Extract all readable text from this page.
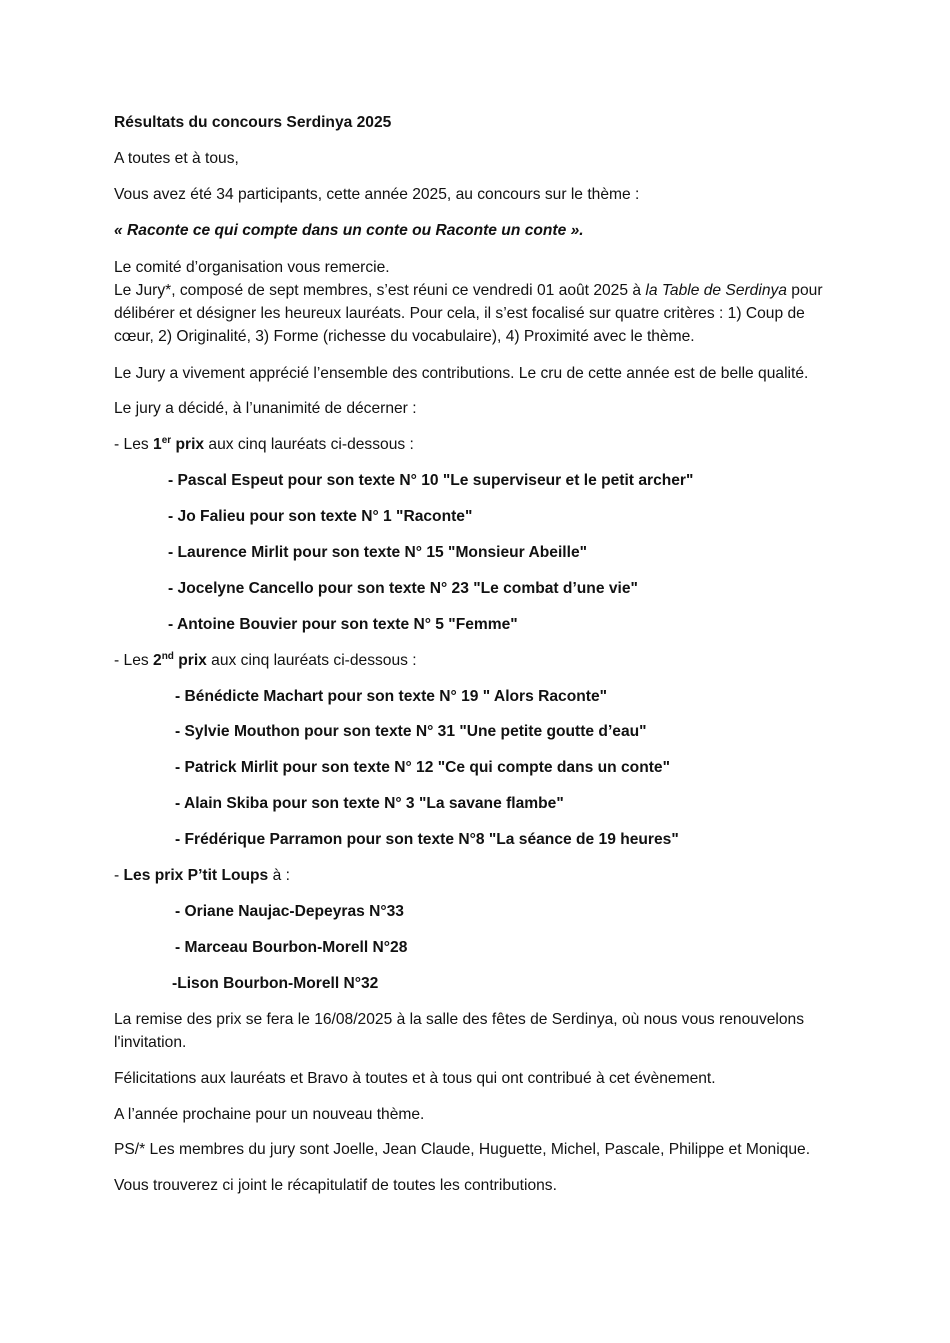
Résultats du concours Serdinya 2025
A toutes et à tous,
Vous avez été 34 participants, cette année 2025, au concours sur le thème :
« Raconte ce qui compte dans un conte ou Raconte un conte ».
Le comité d’organisation vous remercie.
Le Jury*, composé de sept membres, s’est réuni ce vendredi 01 août 2025 à la Table de Serdinya pour
délibérer et désigner les heureux lauréats. Pour cela, il s’est focalisé sur quatre critères : 1) Coup de
cœur, 2) Originalité, 3) Forme (richesse du vocabulaire), 4) Proximité avec le thème.
Le Jury a vivement apprécié l’ensemble des contributions. Le cru de cette année est de belle qualité.
Le jury a décidé, à l’unanimité de décerner :
- Les 1er prix aux cinq lauréats ci-dessous :
- Pascal Espeut pour son texte N° 10 "Le superviseur et le petit archer"
- Jo Falieu pour son texte N° 1 "Raconte"
- Laurence Mirlit pour son texte N° 15 "Monsieur Abeille"
- Jocelyne Cancello pour son texte N° 23 "Le combat d’une vie"
- Antoine Bouvier pour son texte N° 5 "Femme"
- Les 2nd prix aux cinq lauréats ci-dessous :
- Bénédicte Machart pour son texte N° 19 " Alors Raconte"
- Sylvie Mouthon pour son texte N° 31 "Une petite goutte d’eau"
- Patrick Mirlit pour son texte N° 12 "Ce qui compte dans un conte"
- Alain Skiba pour son texte N° 3 "La savane flambe"
- Frédérique Parramon pour son texte N°8 "La séance de 19 heures"
- Les prix P’tit Loups à :
- Oriane Naujac-Depeyras N°33
- Marceau Bourbon-Morell N°28
-Lison Bourbon-Morell N°32
La remise des prix se fera le 16/08/2025 à la salle des fêtes de Serdinya, où nous vous renouvelons
l'invitation.
Félicitations aux lauréats et Bravo à toutes et à tous qui ont contribué à cet évènement.
A l’année prochaine pour un nouveau thème.
PS/* Les membres du jury sont Joelle, Jean Claude, Huguette, Michel, Pascale, Philippe et Monique.
Vous trouverez ci joint le récapitulatif de toutes les contributions.
